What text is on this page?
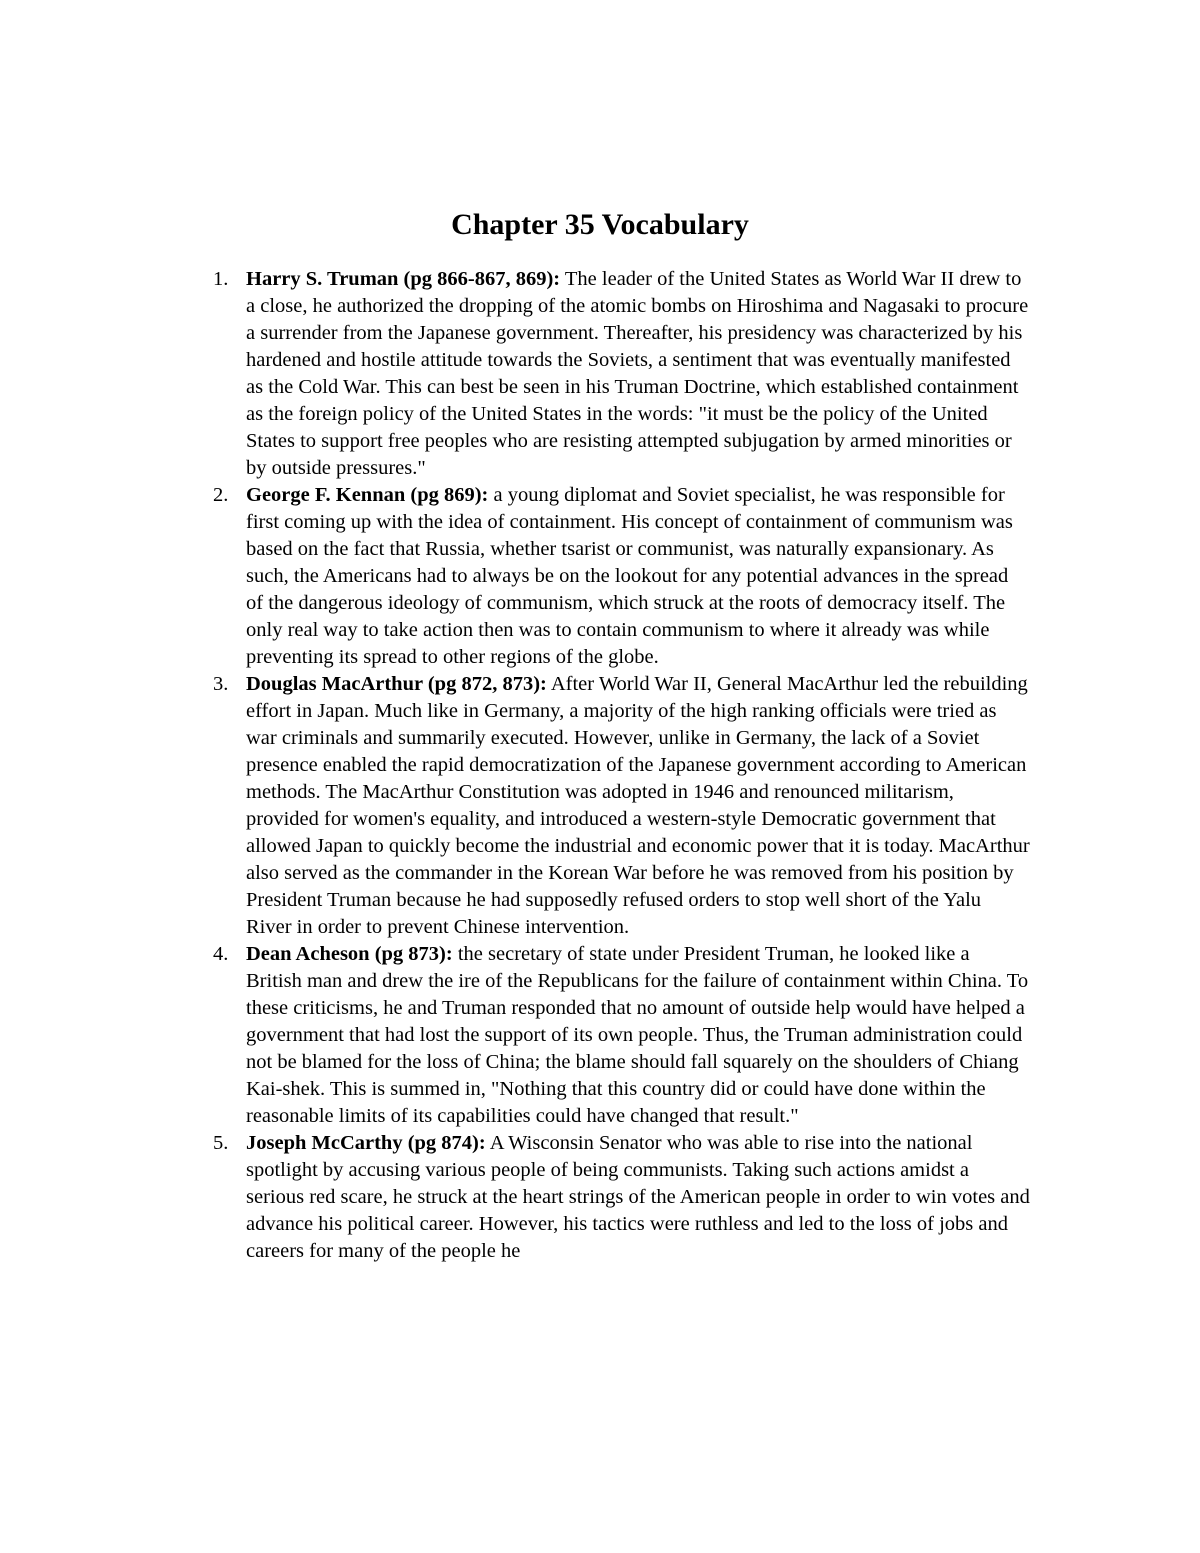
Chapter 35 Vocabulary
1. Harry S. Truman (pg 866-867, 869): The leader of the United States as World War II drew to a close, he authorized the dropping of the atomic bombs on Hiroshima and Nagasaki to procure a surrender from the Japanese government. Thereafter, his presidency was characterized by his hardened and hostile attitude towards the Soviets, a sentiment that was eventually manifested as the Cold War. This can best be seen in his Truman Doctrine, which established containment as the foreign policy of the United States in the words: "it must be the policy of the United States to support free peoples who are resisting attempted subjugation by armed minorities or by outside pressures."
2. George F. Kennan (pg 869): a young diplomat and Soviet specialist, he was responsible for first coming up with the idea of containment. His concept of containment of communism was based on the fact that Russia, whether tsarist or communist, was naturally expansionary. As such, the Americans had to always be on the lookout for any potential advances in the spread of the dangerous ideology of communism, which struck at the roots of democracy itself. The only real way to take action then was to contain communism to where it already was while preventing its spread to other regions of the globe.
3. Douglas MacArthur (pg 872, 873): After World War II, General MacArthur led the rebuilding effort in Japan. Much like in Germany, a majority of the high ranking officials were tried as war criminals and summarily executed. However, unlike in Germany, the lack of a Soviet presence enabled the rapid democratization of the Japanese government according to American methods. The MacArthur Constitution was adopted in 1946 and renounced militarism, provided for women's equality, and introduced a western-style Democratic government that allowed Japan to quickly become the industrial and economic power that it is today. MacArthur also served as the commander in the Korean War before he was removed from his position by President Truman because he had supposedly refused orders to stop well short of the Yalu River in order to prevent Chinese intervention.
4. Dean Acheson (pg 873): the secretary of state under President Truman, he looked like a British man and drew the ire of the Republicans for the failure of containment within China. To these criticisms, he and Truman responded that no amount of outside help would have helped a government that had lost the support of its own people. Thus, the Truman administration could not be blamed for the loss of China; the blame should fall squarely on the shoulders of Chiang Kai-shek. This is summed in, "Nothing that this country did or could have done within the reasonable limits of its capabilities could have changed that result."
5. Joseph McCarthy (pg 874): A Wisconsin Senator who was able to rise into the national spotlight by accusing various people of being communists. Taking such actions amidst a serious red scare, he struck at the heart strings of the American people in order to win votes and advance his political career. However, his tactics were ruthless and led to the loss of jobs and careers for many of the people he
